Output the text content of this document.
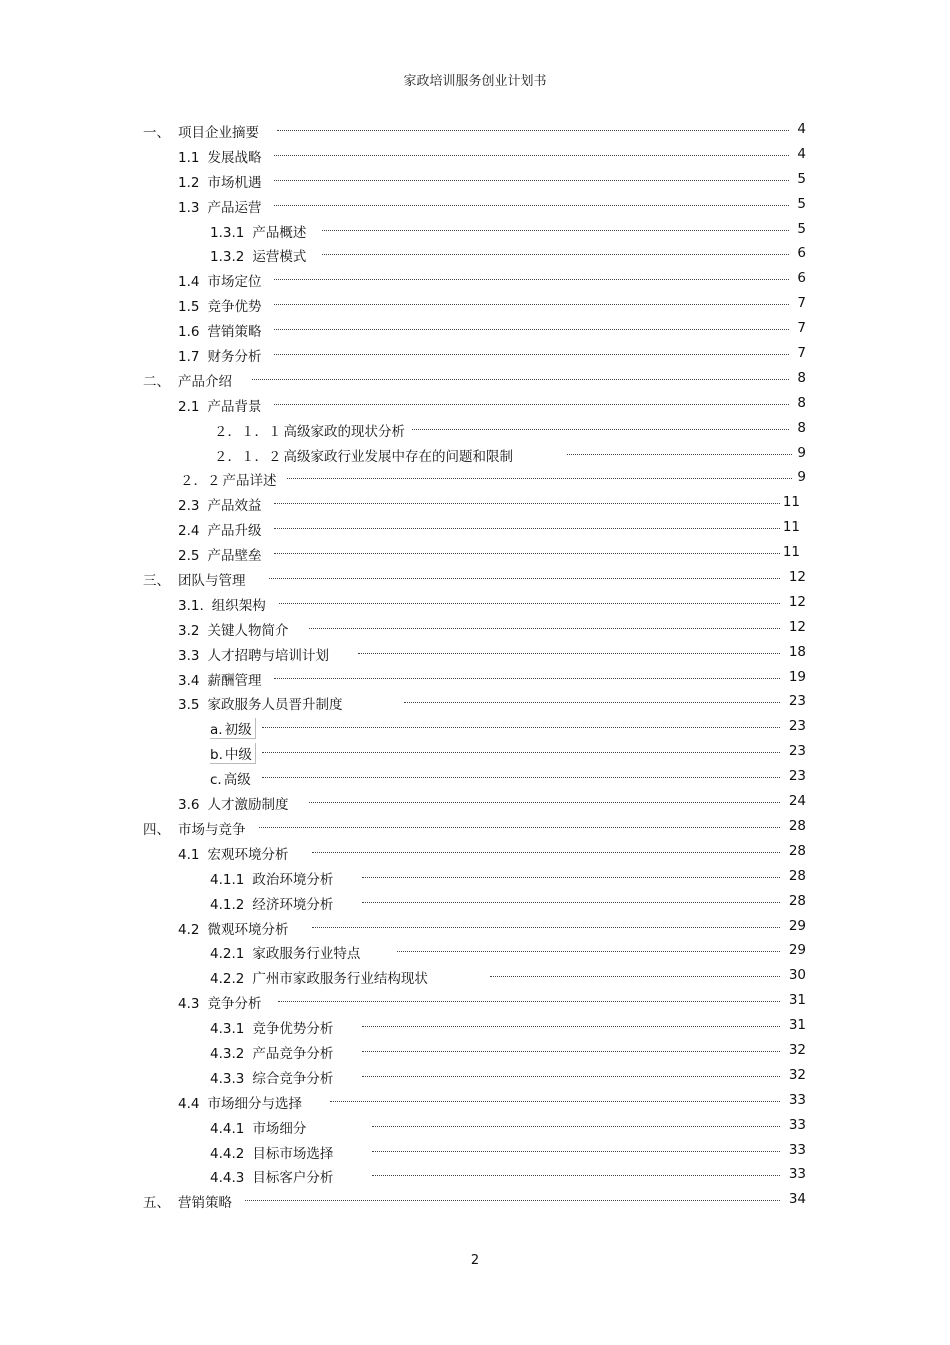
家政培训服务创业计划书
一、 项目企业摘要	4
1.1 发展战略	4
1.2 市场机遇	5
1.3 产品运营	5
1.3.1 产品概述	5
1.3.2 运营模式	6
1.4 市场定位	6
1.5 竞争优势	7
1.6 营销策略	7
1.7 财务分析	7
二、 产品介绍	8
2.1 产品背景	8
２．１．１ 高级家政的现状分析	8
２．１．２ 高级家政行业发展中存在的问题和限制	9
２．２ 产品详述	9
2.3 产品效益	11
2.4 产品升级	11
2.5 产品壁垒	11
三、 团队与管理	12
3.1. 组织架构	12
3.2 关键人物简介	12
3.3 人才招聘与培训计划	18
3.4 薪酬管理	19
3.5 家政服务人员晋升制度	23
a. 初级	23
b. 中级	23
c. 高级	23
3.6 人才激励制度	24
四、 市场与竞争	28
4.1 宏观环境分析	28
4.1.1 政治环境分析	28
4.1.2 经济环境分析	28
4.2 微观环境分析	29
4.2.1 家政服务行业特点	29
4.2.2 广州市家政服务行业结构现状	30
4.3 竞争分析	31
4.3.1 竞争优势分析	31
4.3.2 产品竞争分析	32
4.3.3 综合竞争分析	32
4.4 市场细分与选择	33
4.4.1 市场细分	33
4.4.2 目标市场选择	33
4.4.3 目标客户分析	33
五、 营销策略	34
2
